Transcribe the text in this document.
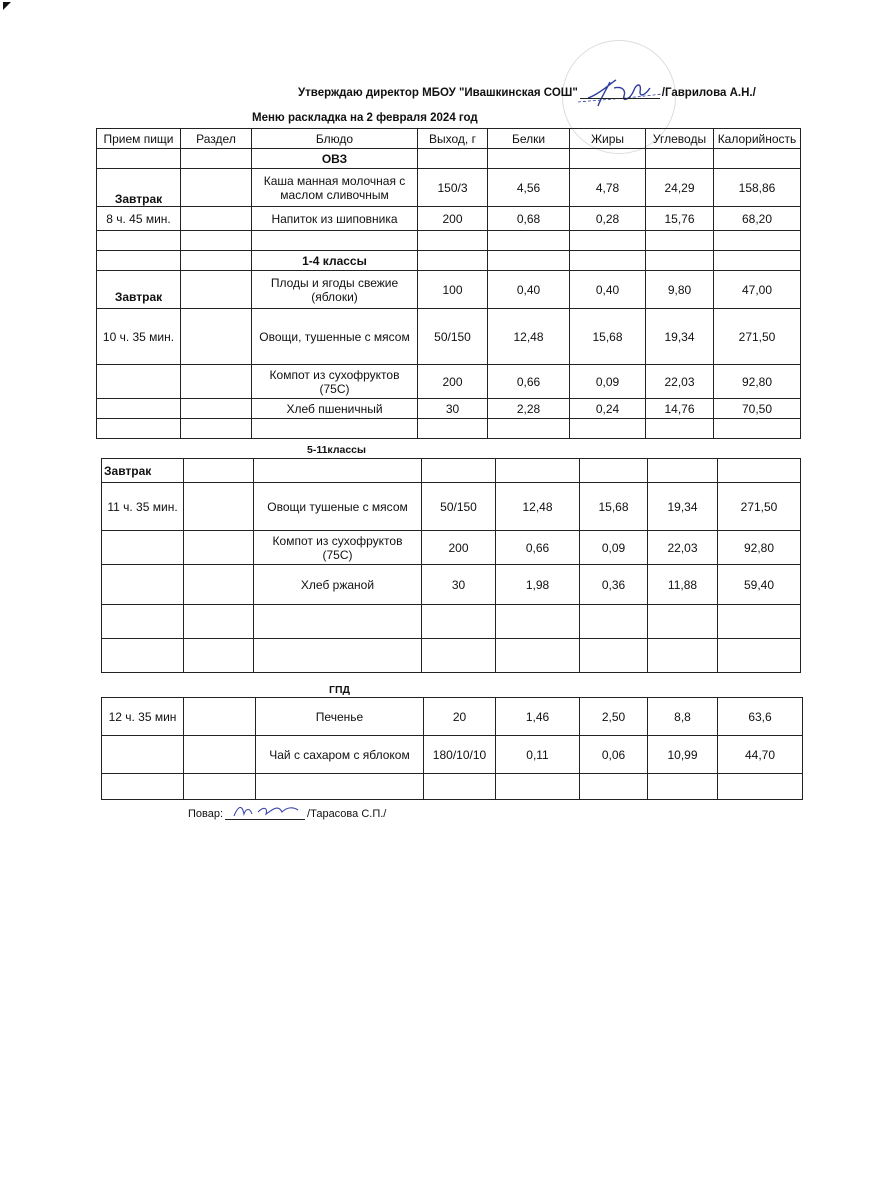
Утверждаю директор МБОУ "Ивашкинская СОШ"	/Гаврилова А.Н./
Меню раскладка на 2 февраля 2024 год
Прием пищи	Раздел	Блюдо	Выход, г	Белки	Жиры	Углеводы	Калорийность
		ОВЗ					
Завтрак		Каша манная молочная с маслом сливочным	150/3	4,56	4,78	24,29	158,86
8 ч. 45 мин.		Напиток из шиповника	200	0,68	0,28	15,76	68,20

		1-4 классы					
Завтрак		Плоды и ягоды свежие (яблоки)	100	0,40	0,40	9,80	47,00
10 ч. 35 мин.		Овощи, тушенные с мясом	50/150	12,48	15,68	19,34	271,50
		Компот из сухофруктов (75С)	200	0,66	0,09	22,03	92,80
		Хлеб пшеничный	30	2,28	0,24	14,76	70,50

5-11классы
Завтрак							
11 ч. 35 мин.		Овощи тушеные с мясом	50/150	12,48	15,68	19,34	271,50
		Компот из сухофруктов (75С)	200	0,66	0,09	22,03	92,80
		Хлеб ржаной	30	1,98	0,36	11,88	59,40

ГПД
12 ч. 35 мин		Печенье	20	1,46	2,50	8,8	63,6
		Чай с сахаром с яблоком	180/10/10	0,11	0,06	10,99	44,70

Повар:	/Тарасова С.П./
